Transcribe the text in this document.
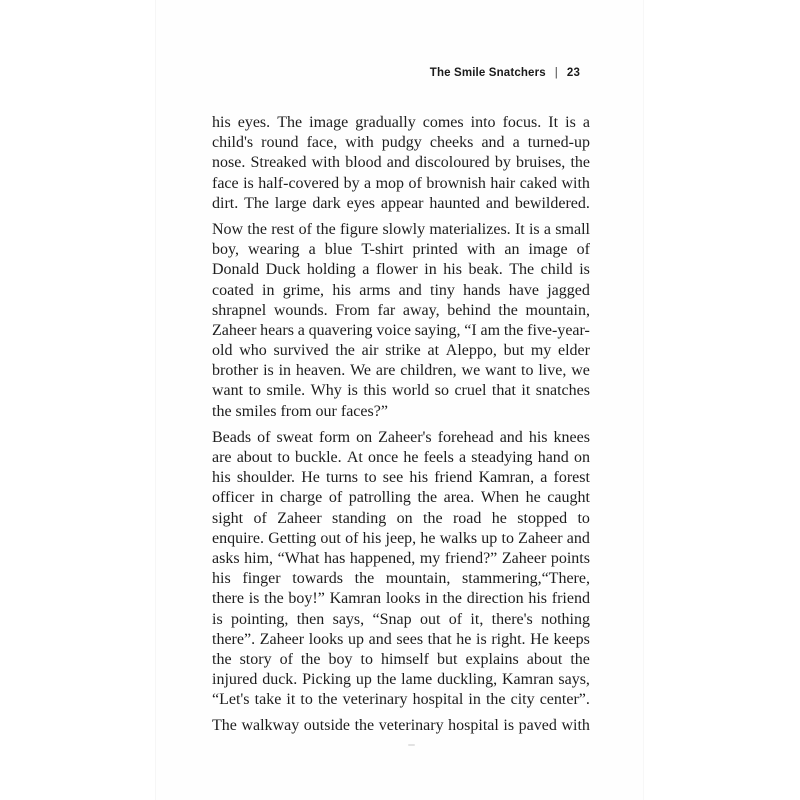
The Smile Snatchers | 23
his eyes. The image gradually comes into focus. It is a
child's round face, with pudgy cheeks and a turned-up
nose. Streaked with blood and discoloured by bruises, the
face is half-covered by a mop of brownish hair caked with
dirt. The large dark eyes appear haunted and bewildered.
Now the rest of the figure slowly materializes. It is a small
boy, wearing a blue T-shirt printed with an image of
Donald Duck holding a flower in his beak. The child is
coated in grime, his arms and tiny hands have jagged
shrapnel wounds. From far away, behind the mountain,
Zaheer hears a quavering voice saying, “I am the five-year-
old who survived the air strike at Aleppo, but my elder
brother is in heaven. We are children, we want to live, we
want to smile. Why is this world so cruel that it snatches
the smiles from our faces?”
Beads of sweat form on Zaheer's forehead and his knees
are about to buckle. At once he feels a steadying hand on
his shoulder. He turns to see his friend Kamran, a forest
officer in charge of patrolling the area. When he caught
sight of Zaheer standing on the road he stopped to
enquire. Getting out of his jeep, he walks up to Zaheer and
asks him, “What has happened, my friend?” Zaheer points
his finger towards the mountain, stammering,“There,
there is the boy!” Kamran looks in the direction his friend
is pointing, then says, “Snap out of it, there's nothing
there”. Zaheer looks up and sees that he is right. He keeps
the story of the boy to himself but explains about the
injured duck. Picking up the lame duckling, Kamran says,
“Let's take it to the veterinary hospital in the city center”.
The walkway outside the veterinary hospital is paved with
